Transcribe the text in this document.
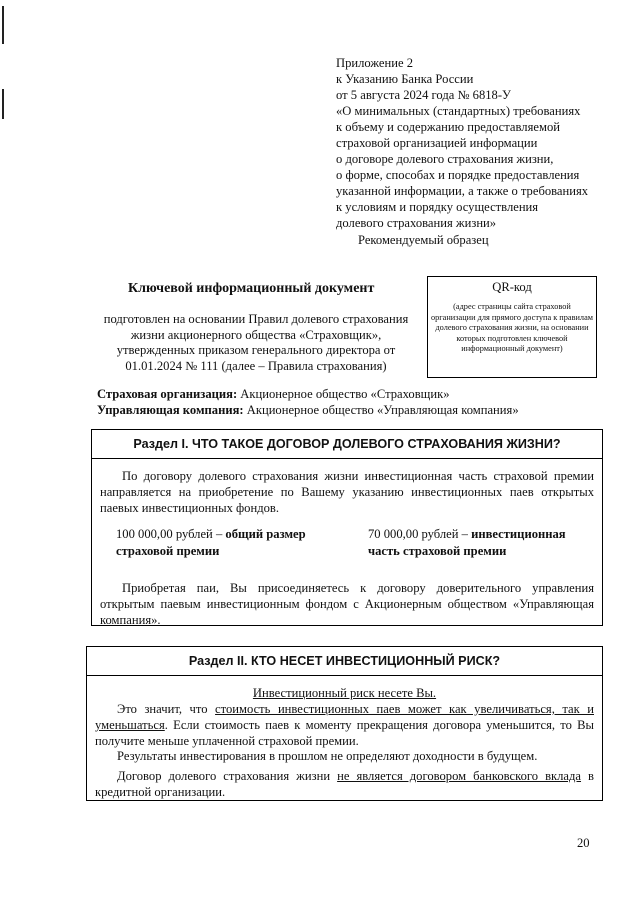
Приложение 2
к Указанию Банка России
от 5 августа 2024 года № 6818-У
«О минимальных (стандартных) требованиях
к объему и содержанию предоставляемой
страховой организацией информации
о договоре долевого страхования жизни,
о форме, способах и порядке предоставления
указанной информации, а также о требованиях
к условиям и порядку осуществления
долевого страхования жизни»
Рекомендуемый образец
Ключевой информационный документ
подготовлен на основании Правил долевого страхования
жизни акционерного общества «Страховщик»,
утвержденных приказом генерального директора от
01.01.2024 № 111 (далее – Правила страхования)
QR-код
(адрес страницы сайта страховой организации для прямого доступа к правилам долевого страхования жизни, на основании которых подготовлен ключевой информационный документ)
Страховая организация: Акционерное общество «Страховщик»
Управляющая компания: Акционерное общество «Управляющая компания»
Раздел I. ЧТО ТАКОЕ ДОГОВОР ДОЛЕВОГО СТРАХОВАНИЯ ЖИЗНИ?
По договору долевого страхования жизни инвестиционная часть страховой премии направляется на приобретение по Вашему указанию инвестиционных паев открытых паевых инвестиционных фондов.
100 000,00 рублей – общий размер страховой премии
70 000,00 рублей – инвестиционная часть страховой премии
Приобретая паи, Вы присоединяетесь к договору доверительного управления открытым паевым инвестиционным фондом с Акционерным обществом «Управляющая компания».
Раздел II. КТО НЕСЕТ ИНВЕСТИЦИОННЫЙ РИСК?
Инвестиционный риск несете Вы.
Это значит, что стоимость инвестиционных паев может как увеличиваться, так и уменьшаться. Если стоимость паев к моменту прекращения договора уменьшится, то Вы получите меньше уплаченной страховой премии.
Результаты инвестирования в прошлом не определяют доходности в будущем.
Договор долевого страхования жизни не является договором банковского вклада в кредитной организации.
20
